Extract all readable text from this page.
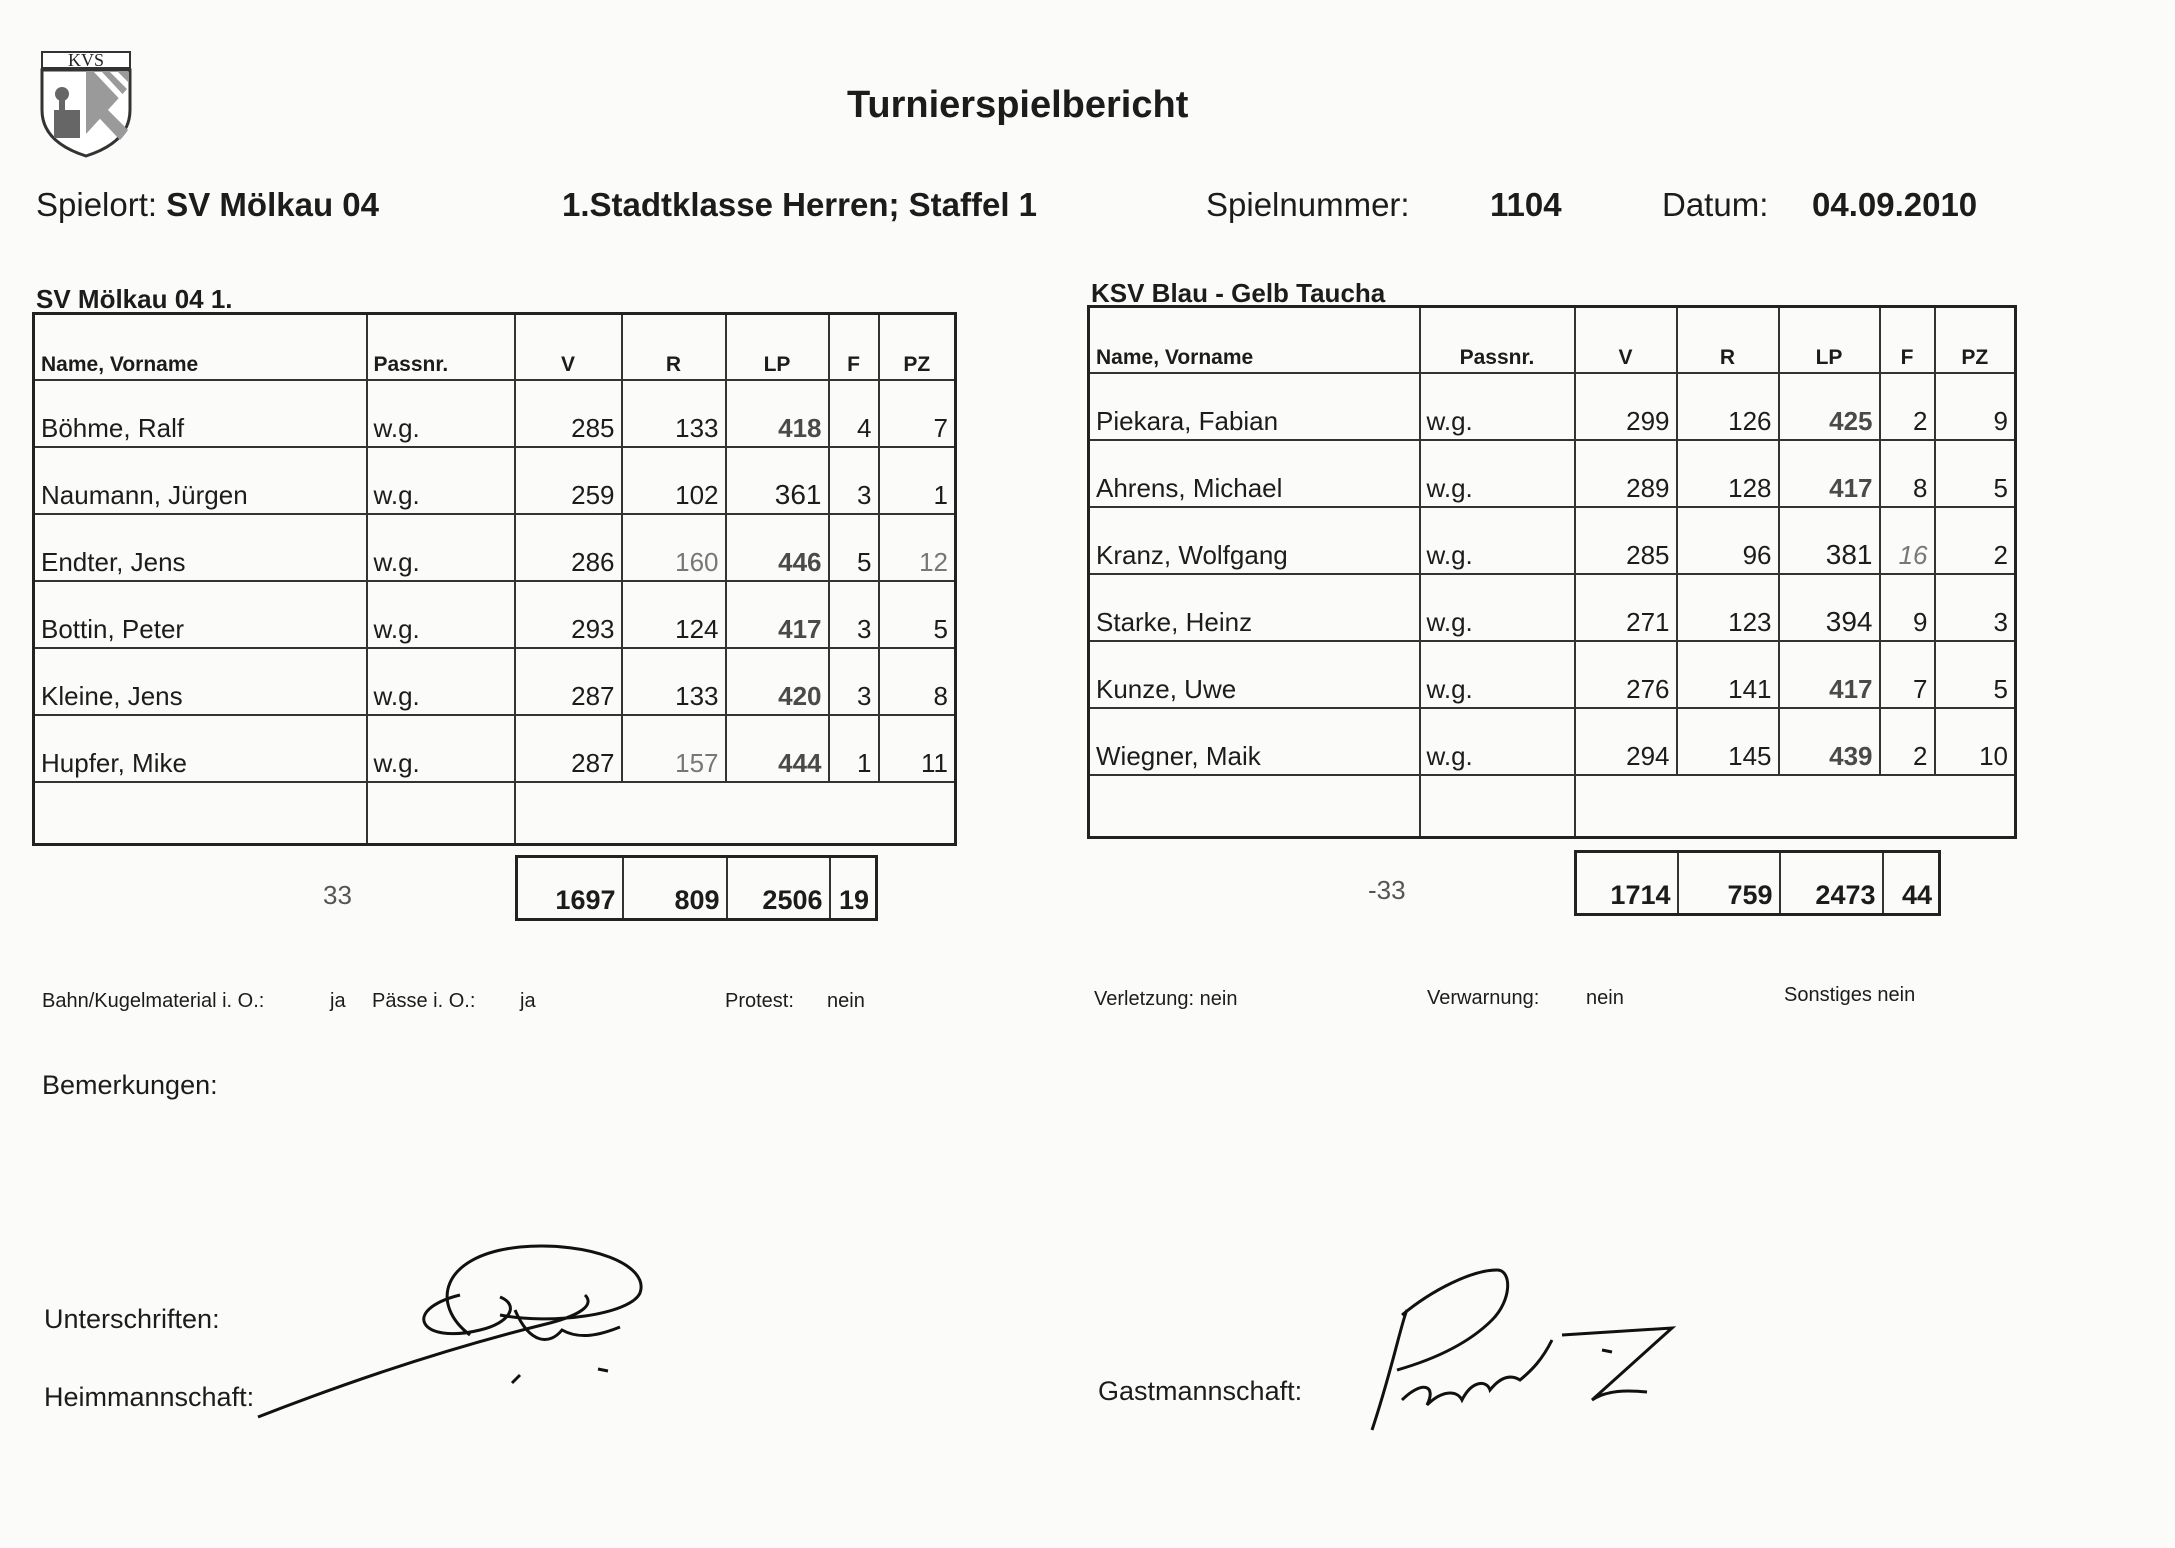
KVS
Turnierspielbericht
Spielort: SV Mölkau 04	1.Stadtklasse Herren; Staffel 1	Spielnummer: 1104	Datum: 04.09.2010
SV Mölkau 04 1.
Name, Vorname	Passnr.	V	R	LP	F	PZ
Böhme, Ralf	w.g.	285	133	418	4	7
Naumann, Jürgen	w.g.	259	102	361	3	1
Endter, Jens	w.g.	286	160	446	5	12
Bottin, Peter	w.g.	293	124	417	3	5
Kleine, Jens	w.g.	287	133	420	3	8
Hupfer, Mike	w.g.	287	157	444	1	11

33	1697	809	2506	19
KSV Blau - Gelb Taucha
Name, Vorname	Passnr.	V	R	LP	F	PZ
Piekara, Fabian	w.g.	299	126	425	2	9
Ahrens, Michael	w.g.	289	128	417	8	5
Kranz, Wolfgang	w.g.	285	96	381	16	2
Starke, Heinz	w.g.	271	123	394	9	3
Kunze, Uwe	w.g.	276	141	417	7	5
Wiegner, Maik	w.g.	294	145	439	2	10

-33	1714	759	2473	44
Bahn/Kugelmaterial i. O.:	ja Pässe i. O.: ja	Protest: nein	Verletzung: nein	Verwarnung: nein	Sonstiges nein
Bemerkungen:
Unterschriften:
Heimmannschaft:	Gastmannschaft:
